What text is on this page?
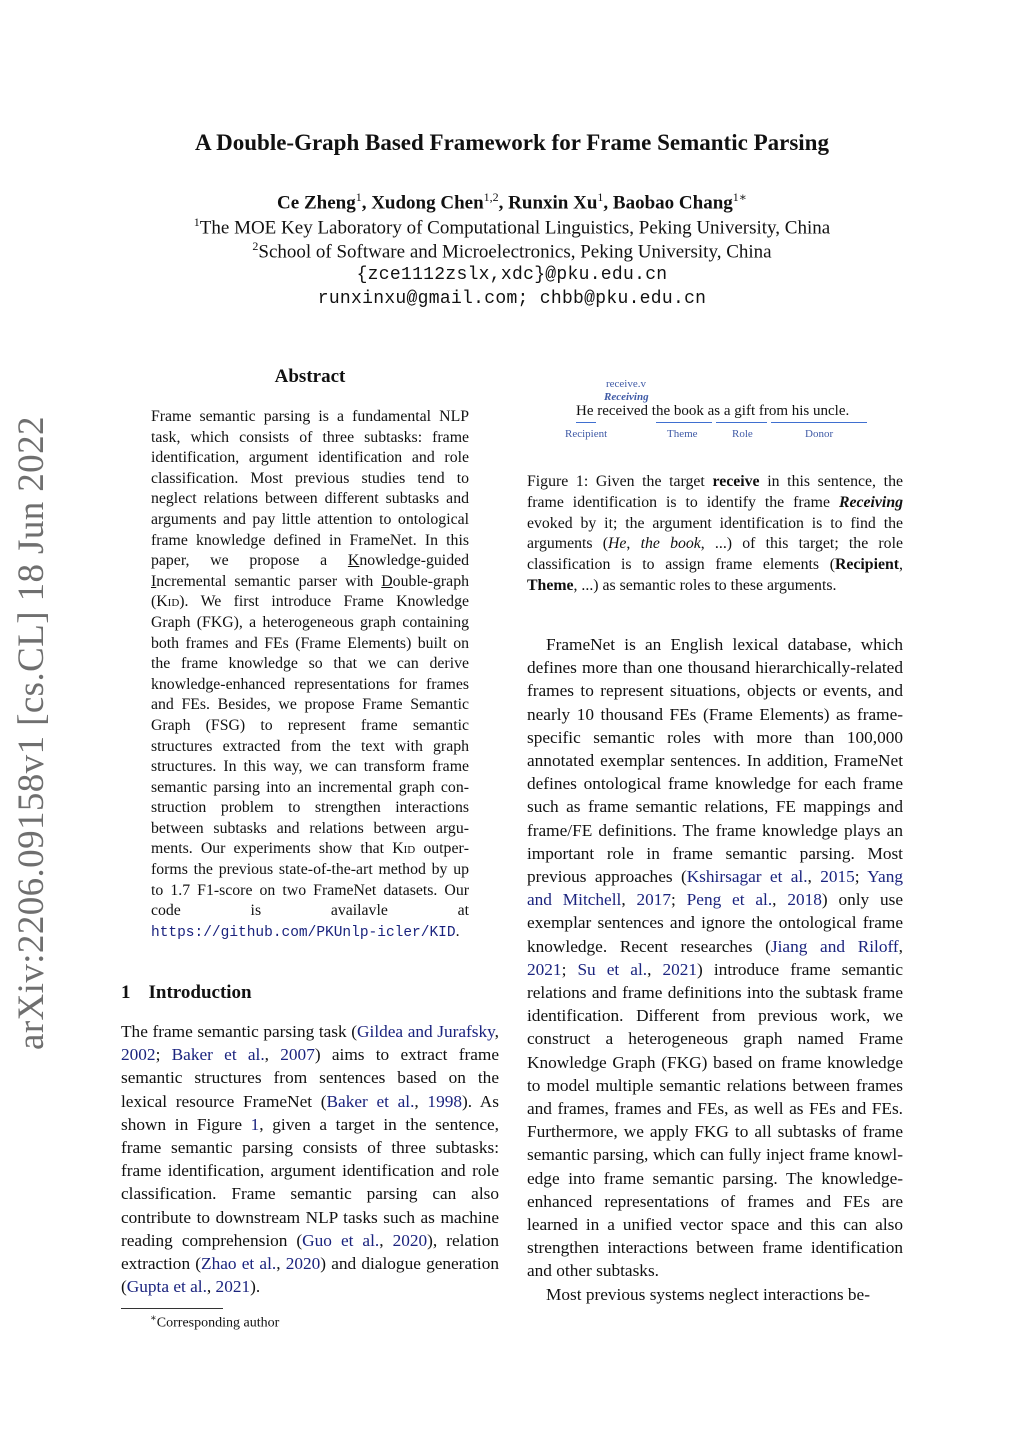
A Double-Graph Based Framework for Frame Semantic Parsing
Ce Zheng$^1$, Xudong Chen$^{1,2}$, Runxin Xu$^1$, Baobao Chang$^{1∗}$
$^1$The MOE Key Laboratory of Computational Linguistics, Peking University, China
$^2$School of Software and Microelectronics, Peking University, China
{zce1112zslx,xdc}@pku.edu.cn
runxinxu@gmail.com; chbb@pku.edu.cn
arXiv:2206.09158v1 [cs.CL] 18 Jun 2022
Abstract
Frame semantic parsing is a fundamental NLP task, which consists of three subtasks: frame identification, argument identification and role classification. Most previous studies tend to neglect relations between different subtasks and arguments and pay little attention to ontological frame knowledge defined in FrameNet. In this paper, we propose a Knowledge-guided Incremental semantic parser with Double-graph (Kid). We first introduce Frame Knowledge Graph (FKG), a heterogeneous graph containing both frames and FEs (Frame Elements) built on the frame knowledge so that we can derive knowledge-enhanced representations for frames and FEs. Besides, we propose Frame Semantic Graph (FSG) to represent frame semantic structures extracted from the text with graph structures. In this way, we can transform frame semantic parsing into an incremental graph construction problem to strengthen interactions between subtasks and relations between arguments. Our experiments show that Kid outperforms the previous state-of-the-art method by up to 1.7 F1-score on two FrameNet datasets. Our code is availavle at https://github.com/PKUnlp-icler/KID.
1 Introduction
The frame semantic parsing task (Gildea and Jurafsky, 2002; Baker et al., 2007) aims to extract frame semantic structures from sentences based on the lexical resource FrameNet (Baker et al., 1998). As shown in Figure 1, given a target in the sentence, frame semantic parsing consists of three subtasks: frame identification, argument identification and role classification. Frame semantic parsing can also contribute to downstream NLP tasks such as machine reading comprehension (Guo et al., 2020), relation extraction (Zhao et al., 2020) and dialogue generation (Gupta et al., 2021).
∗Corresponding author
receive.v
Receiving
He received the book as a gift from his uncle.
Recipient	Theme	Role	Donor
Figure 1: Given the target receive in this sentence, the frame identification is to identify the frame Receiving evoked by it; the argument identification is to find the arguments (He, the book, ...) of this target; the role classification is to assign frame elements (Recipient, Theme, ...) as semantic roles to these arguments.

FrameNet is an English lexical database, which defines more than one thousand hierarchically-related frames to represent situations, objects or events, and nearly 10 thousand FEs (Frame Elements) as frame-specific semantic roles with more than 100,000 annotated exemplar sentences. In addition, FrameNet defines ontological frame knowledge for each frame such as frame semantic relations, FE mappings and frame/FE definitions. The frame knowledge plays an important role in frame semantic parsing. Most previous approaches (Kshirsagar et al., 2015; Yang and Mitchell, 2017; Peng et al., 2018) only use exemplar sentences and ignore the ontological frame knowledge. Recent researches (Jiang and Riloff, 2021; Su et al., 2021) introduce frame semantic relations and frame definitions into the subtask frame identification. Different from previous work, we construct a heterogeneous graph named Frame Knowledge Graph (FKG) based on frame knowledge to model multiple semantic relations between frames and frames, frames and FEs, as well as FEs and FEs. Furthermore, we apply FKG to all subtasks of frame semantic parsing, which can fully inject frame knowledge into frame semantic parsing. The knowledge-enhanced representations of frames and FEs are learned in a unified vector space and this can also strengthen interactions between frame identification and other subtasks.

Most previous systems neglect interactions be-
